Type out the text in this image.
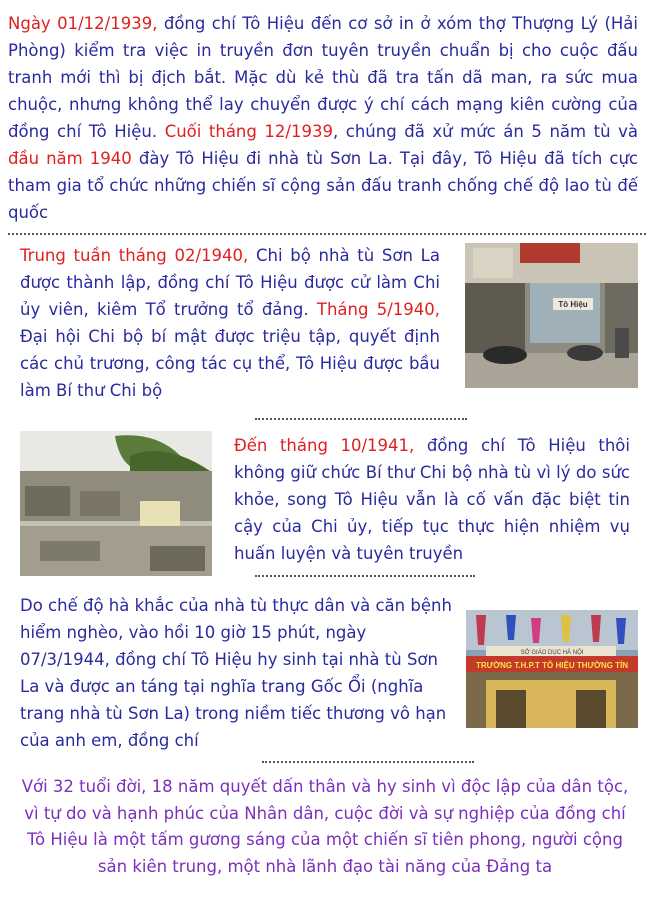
Ngày 01/12/1939, đồng chí Tô Hiệu đến cơ sở in ở xóm thợ Thượng Lý (Hải Phòng) kiểm tra việc in truyền đơn tuyên truyền chuẩn bị cho cuộc đấu tranh mới thì bị địch bắt. Mặc dù kẻ thù đã tra tấn dã man, ra sức mua chuộc, nhưng không thể lay chuyển được ý chí cách mạng kiên cường của đồng chí Tô Hiệu. Cuối tháng 12/1939, chúng đã xử mức án 5 năm tù và đầu năm 1940 đày Tô Hiệu đi nhà tù Sơn La. Tại đây, Tô Hiệu đã tích cực tham gia tổ chức những chiến sĩ cộng sản đấu tranh chống chế độ lao tù đế quốc

Trung tuần tháng 02/1940, Chi bộ nhà tù Sơn La được thành lập, đồng chí Tô Hiệu được cử làm Chi ủy viên, kiêm Tổ trưởng tổ đảng. Tháng 5/1940, Đại hội Chi bộ bí mật được triệu tập, quyết định các chủ trương, công tác cụ thể, Tô Hiệu được bầu làm Bí thư Chi bộ

Tô Hiệu

Đến tháng 10/1941, đồng chí Tô Hiệu thôi không giữ chức Bí thư Chi bộ nhà tù vì lý do sức khỏe, song Tô Hiệu vẫn là cố vấn đặc biệt tin cậy của Chi ủy, tiếp tục thực hiện nhiệm vụ huấn luyện và tuyên truyền

Do chế độ hà khắc của nhà tù thực dân và căn bệnh hiểm nghèo, vào hồi 10 giờ 15 phút, ngày 07/3/1944, đồng chí Tô Hiệu hy sinh tại nhà tù Sơn La và được an táng tại nghĩa trang Gốc Ổi (nghĩa trang nhà tù Sơn La) trong niềm tiếc thương vô hạn của anh em, đồng chí

SỞ GIÁO DỤC HÀ NỘI
TRƯỜNG T.H.P.T TÔ HIỆU THƯỜNG TÍN

Với 32 tuổi đời, 18 năm quyết dấn thân và hy sinh vì độc lập của dân tộc, vì tự do và hạnh phúc của Nhân dân, cuộc đời và sự nghiệp của đồng chí Tô Hiệu là một tấm gương sáng của một chiến sĩ tiên phong, người cộng sản kiên trung, một nhà lãnh đạo tài năng của Đảng ta
